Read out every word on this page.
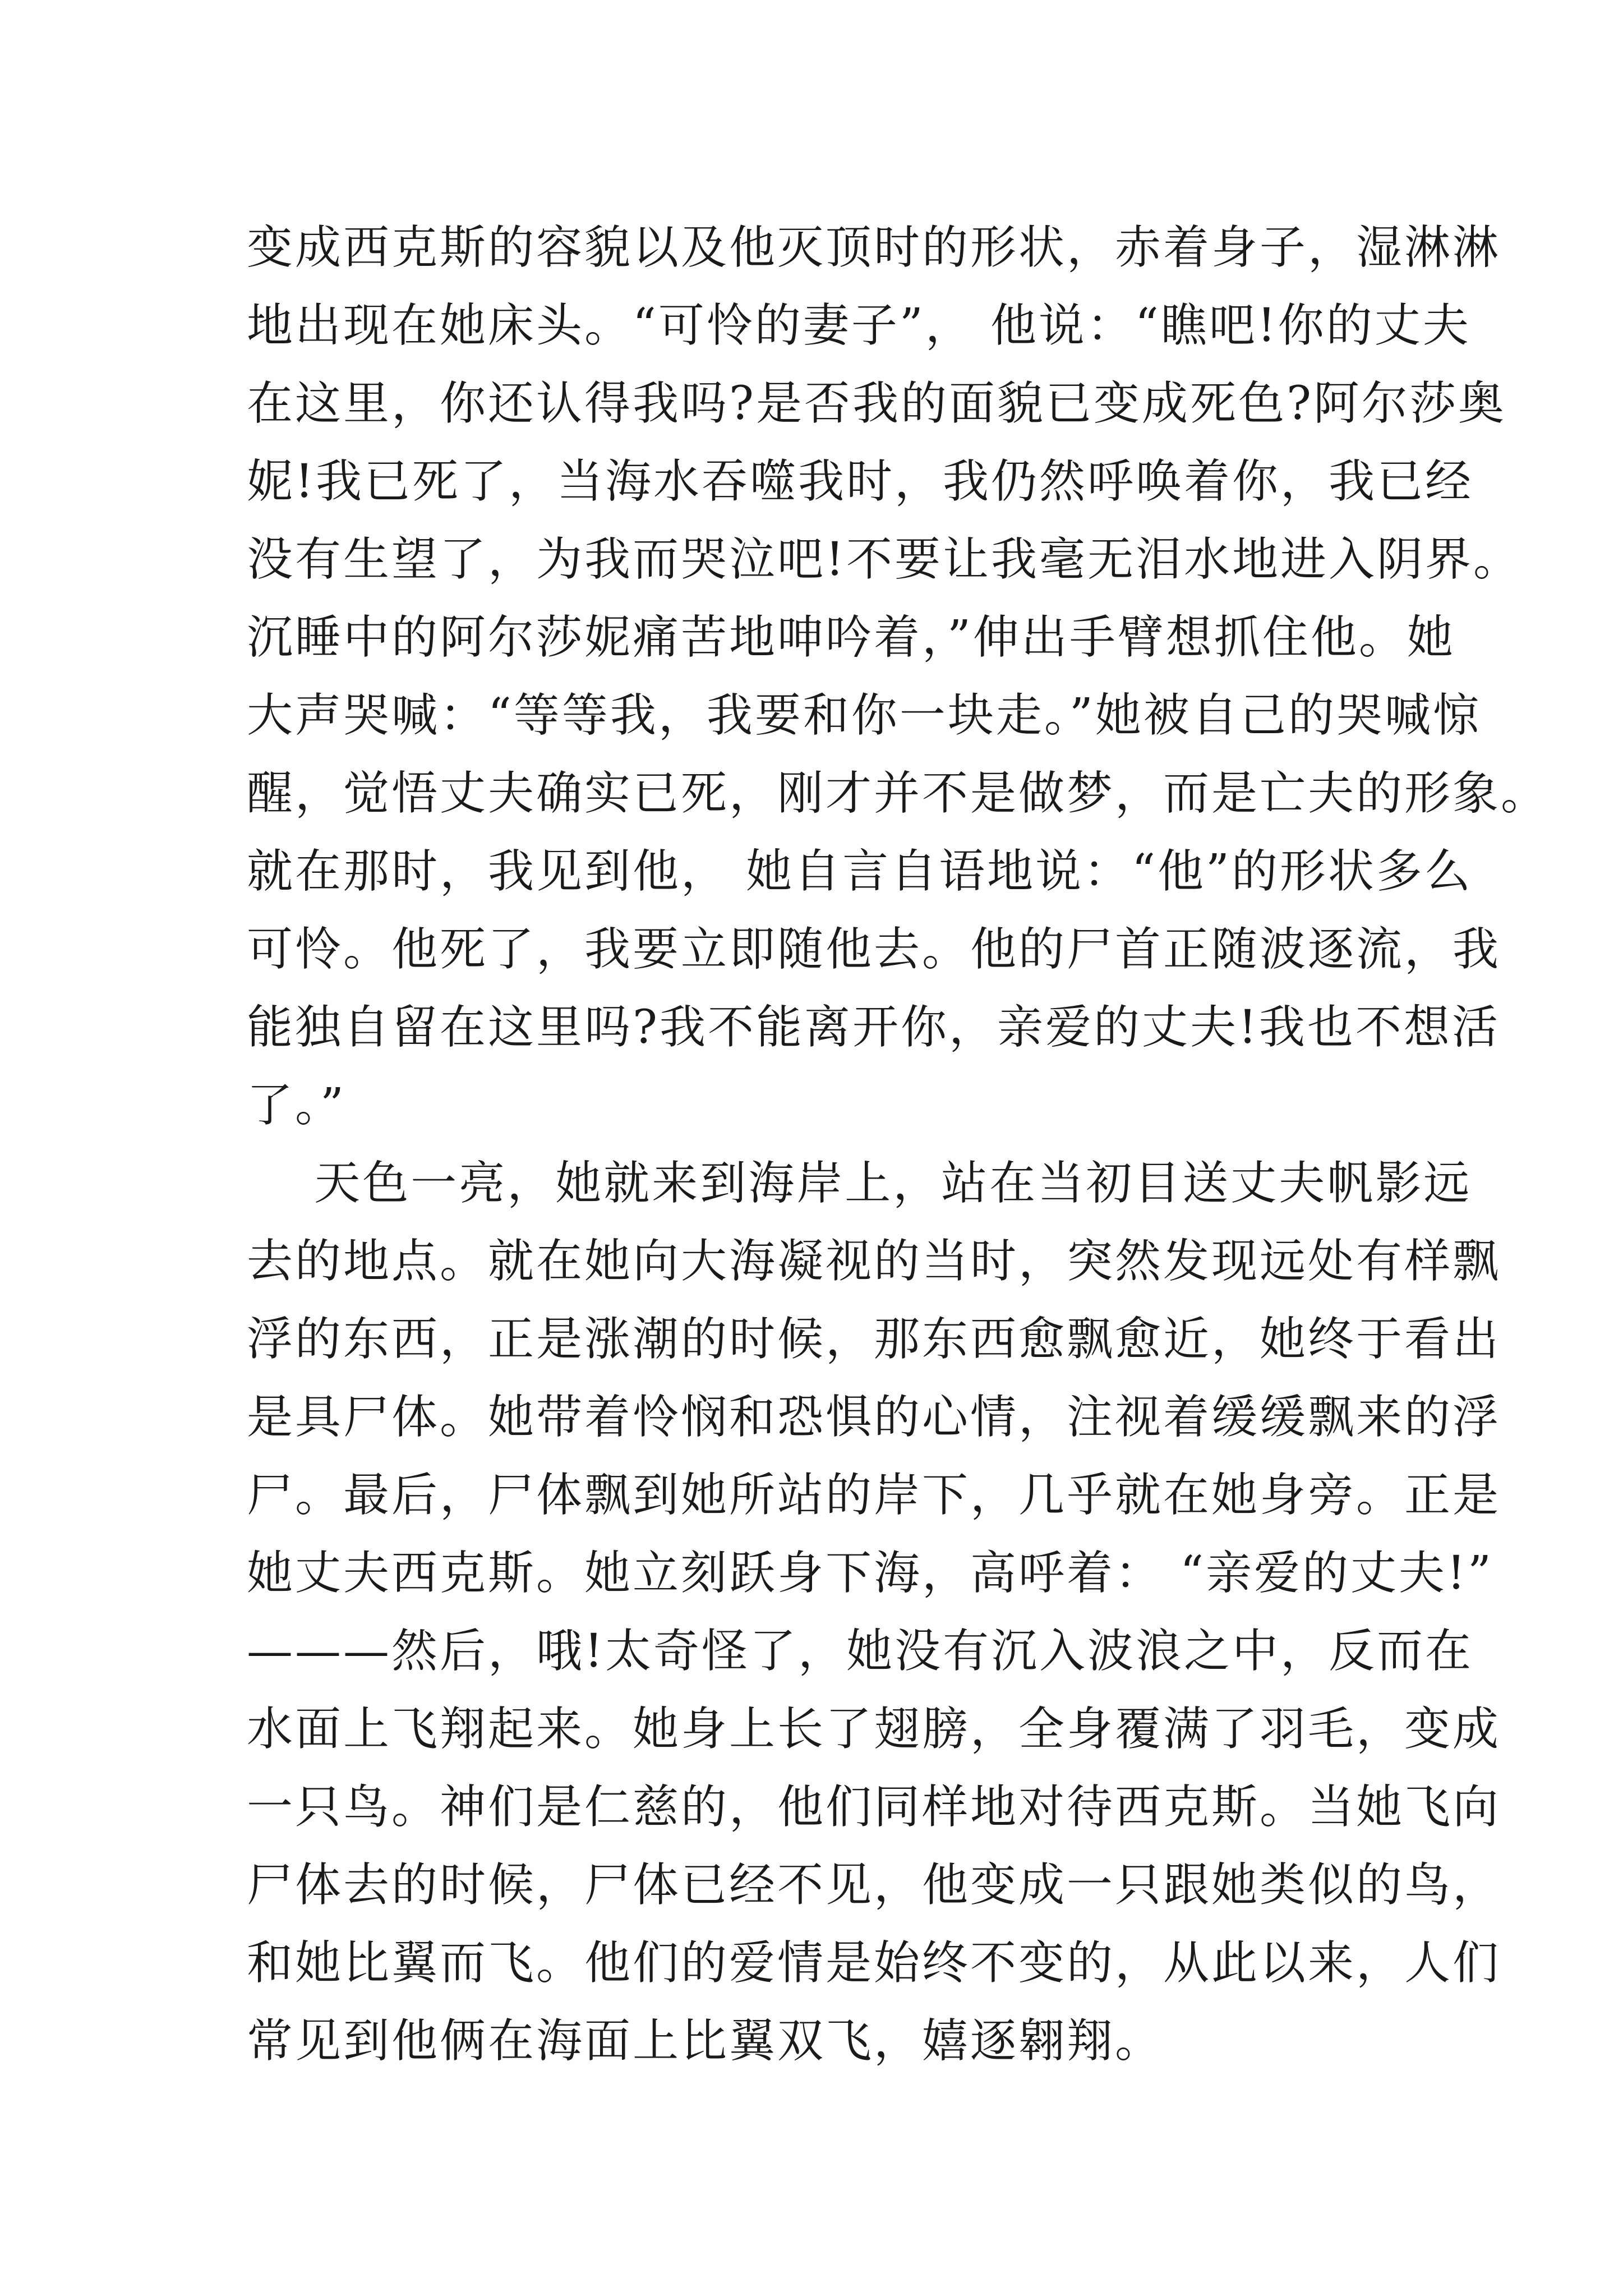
变成西克斯的容貌以及他灭顶时的形状，赤着身子，湿淋淋
地出现在她床头。“可怜的妻子”， 他说：“瞧吧!你的丈夫
在这里，你还认得我吗?是否我的面貌已变成死色?阿尔莎奥
妮!我已死了，当海水吞噬我时，我仍然呼唤着你，我已经
没有生望了，为我而哭泣吧!不要让我毫无泪水地进入阴界。
沉睡中的阿尔莎妮痛苦地呻吟着，”伸出手臂想抓住他。她
大声哭喊：“等等我，我要和你一块走。”她被自己的哭喊惊
醒，觉悟丈夫确实已死，刚才并不是做梦，而是亡夫的形象。
就在那时，我见到他， 她自言自语地说：“他”的形状多么
可怜。他死了，我要立即随他去。他的尸首正随波逐流，我
能独自留在这里吗?我不能离开你，亲爱的丈夫!我也不想活
了。”
天色一亮，她就来到海岸上，站在当初目送丈夫帆影远
去的地点。就在她向大海凝视的当时，突然发现远处有样飘
浮的东西，正是涨潮的时候，那东西愈飘愈近，她终于看出
是具尸体。她带着怜悯和恐惧的心情，注视着缓缓飘来的浮
尸。最后，尸体飘到她所站的岸下，几乎就在她身旁。正是
她丈夫西克斯。她立刻跃身下海，高呼着： “亲爱的丈夫!”
———然后，哦!太奇怪了，她没有沉入波浪之中，反而在
水面上飞翔起来。她身上长了翅膀，全身覆满了羽毛，变成
一只鸟。神们是仁慈的，他们同样地对待西克斯。当她飞向
尸体去的时候，尸体已经不见，他变成一只跟她类似的鸟，
和她比翼而飞。他们的爱情是始终不变的，从此以来，人们
常见到他俩在海面上比翼双飞，嬉逐翱翔。
